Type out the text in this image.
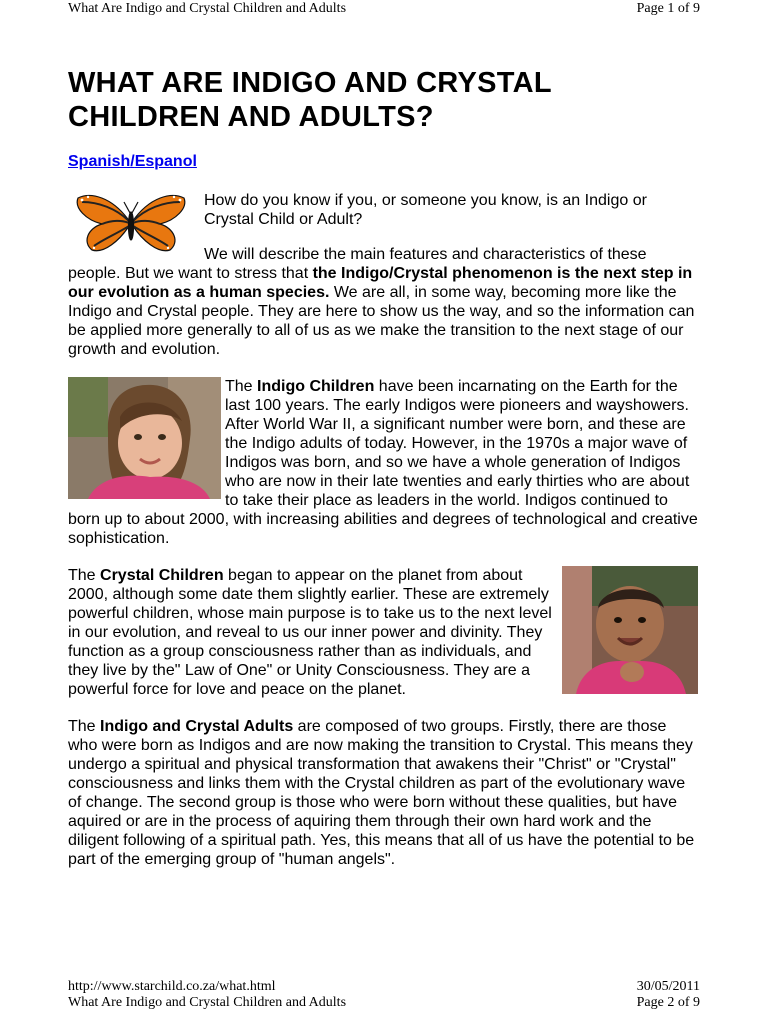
What Are Indigo and Crystal Children and Adults	Page 1 of 9
WHAT ARE INDIGO AND CRYSTAL CHILDREN AND ADULTS?
Spanish/Espanol

How do you know if you, or someone you know, is an Indigo or Crystal Child or Adult?

We will describe the main features and characteristics of these people. But we want to stress that the Indigo/Crystal phenomenon is the next step in our evolution as a human species. We are all, in some way, becoming more like the Indigo and Crystal people. They are here to show us the way, and so the information can be applied more generally to all of us as we make the transition to the next stage of our growth and evolution.

The Indigo Children have been incarnating on the Earth for the last 100 years. The early Indigos were pioneers and wayshowers. After World War II, a significant number were born, and these are the Indigo adults of today. However, in the 1970s a major wave of Indigos was born, and so we have a whole generation of Indigos who are now in their late twenties and early thirties who are about to take their place as leaders in the world. Indigos continued to born up to about 2000, with increasing abilities and degrees of technological and creative sophistication.

The Crystal Children began to appear on the planet from about 2000, although some date them slightly earlier. These are extremely powerful children, whose main purpose is to take us to the next level in our evolution, and reveal to us our inner power and divinity. They function as a group consciousness rather than as individuals, and they live by the" Law of One" or Unity Consciousness. They are a powerful force for love and peace on the planet.

The Indigo and Crystal Adults are composed of two groups. Firstly, there are those who were born as Indigos and are now making the transition to Crystal. This means they undergo a spiritual and physical transformation that awakens their "Christ" or "Crystal" consciousness and links them with the Crystal children as part of the evolutionary wave of change. The second group is those who were born without these qualities, but have aquired or are in the process of aquiring them through their own hard work and the diligent following of a spiritual path. Yes, this means that all of us have the potential to be part of the emerging group of "human angels".

http://www.starchild.co.za/what.html	30/05/2011
What Are Indigo and Crystal Children and Adults	Page 2 of 9
